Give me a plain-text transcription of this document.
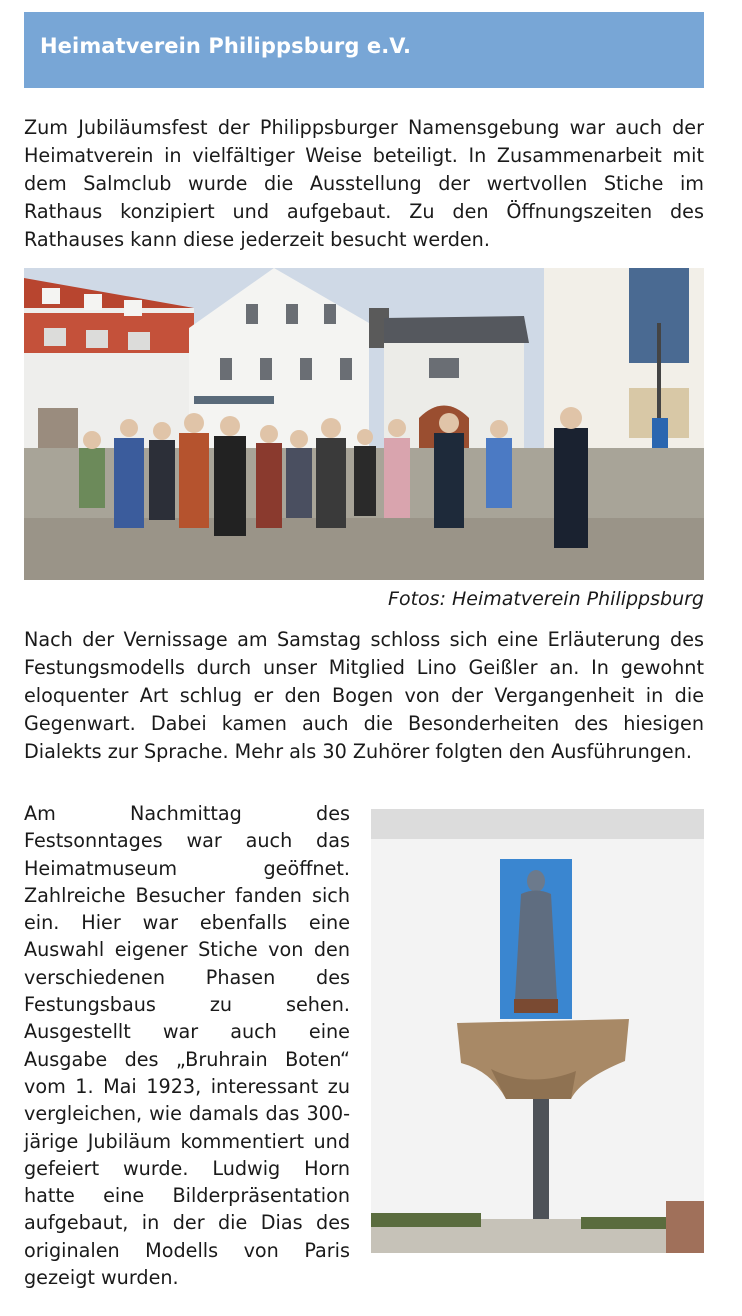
Heimatverein Philippsburg e.V.

Zum Jubiläumsfest der Philippsburger Namensgebung war auch der Heimatverein in vielfältiger Weise beteiligt. In Zusammenarbeit mit dem Salmclub wurde die Ausstellung der wertvollen Stiche im Rathaus konzipiert und aufgebaut. Zu den Öffnungszeiten des Rathauses kann diese jederzeit besucht werden.

Fotos: Heimatverein Philippsburg

Nach der Vernissage am Samstag schloss sich eine Erläuterung des Festungsmodells durch unser Mitglied Lino Geißler an. In gewohnt eloquenter Art schlug er den Bogen von der Vergangenheit in die Gegenwart. Dabei kamen auch die Besonderheiten des hiesigen Dialekts zur Sprache. Mehr als 30 Zuhörer folgten den Ausführungen.

Am Nachmittag des Festsonntages war auch das Heimatmuseum geöffnet. Zahlreiche Besucher fanden sich ein. Hier war ebenfalls eine Auswahl eigener Stiche von den verschiedenen Phasen des Festungsbaus zu sehen. Ausgestellt war auch eine Ausgabe des „Bruhrain Boten“ vom 1. Mai 1923, interessant zu vergleichen, wie damals das 300-järige Jubiläum kommentiert und gefeiert wurde. Ludwig Horn hatte eine Bilderpräsentation aufgebaut, in der die Dias des originalen Modells von Paris gezeigt wurden.
